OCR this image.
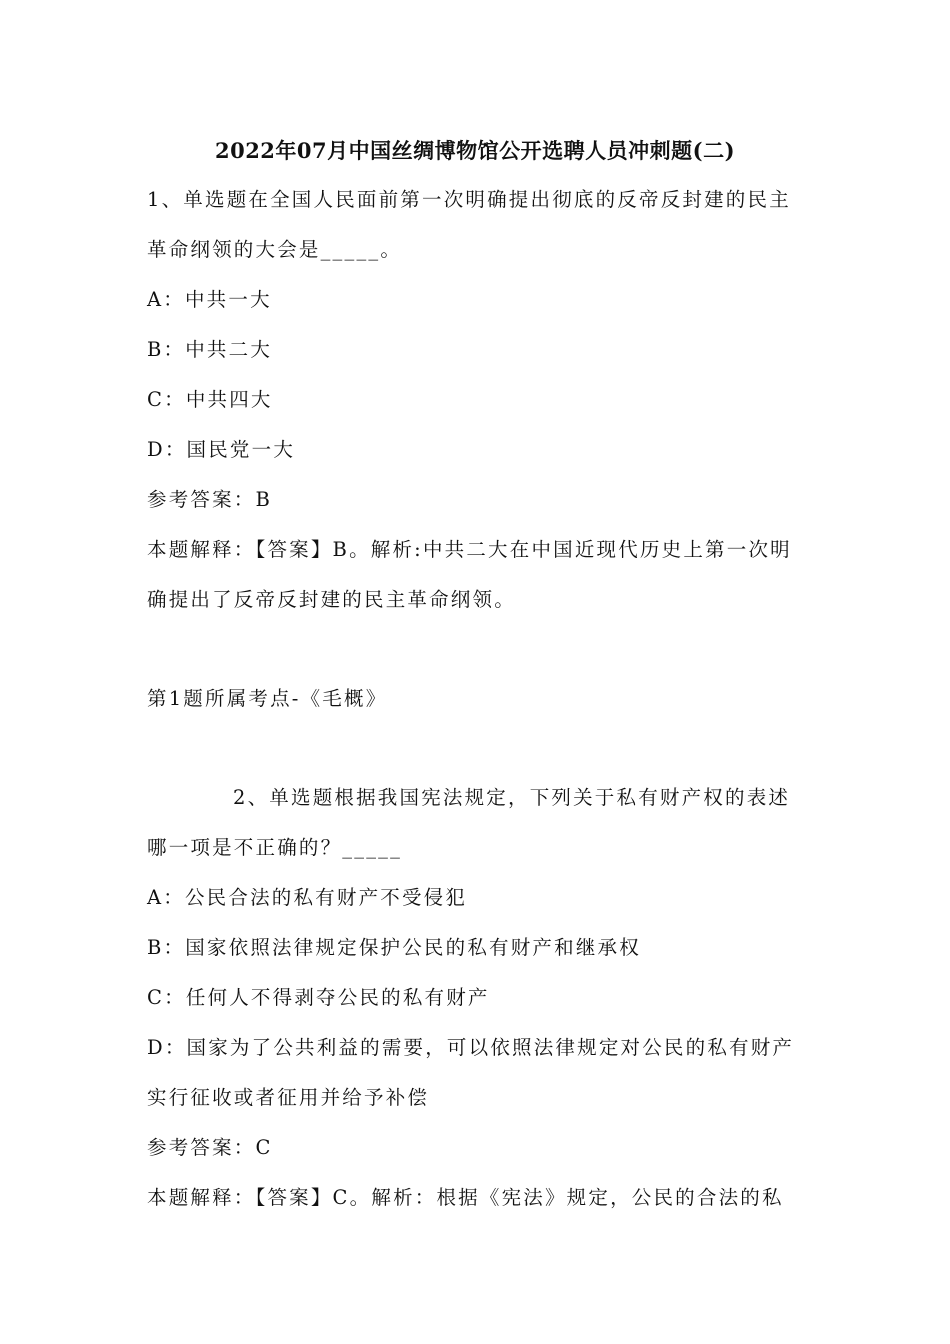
2022年07月中国丝绸博物馆公开选聘人员冲刺题(二)
1、单选题在全国人民面前第一次明确提出彻底的反帝反封建的民主
革命纲领的大会是_____。
A：中共一大
B：中共二大
C：中共四大
D：国民党一大
参考答案：B
本题解释：【答案】B。解析:中共二大在中国近现代历史上第一次明
确提出了反帝反封建的民主革命纲领。
第1题所属考点-《毛概》
2、单选题根据我国宪法规定，下列关于私有财产权的表述
哪一项是不正确的？_____
A：公民合法的私有财产不受侵犯
B：国家依照法律规定保护公民的私有财产和继承权
C：任何人不得剥夺公民的私有财产
D：国家为了公共利益的需要，可以依照法律规定对公民的私有财产
实行征收或者征用并给予补偿
参考答案：C
本题解释：【答案】C。解析：根据《宪法》规定，公民的合法的私
